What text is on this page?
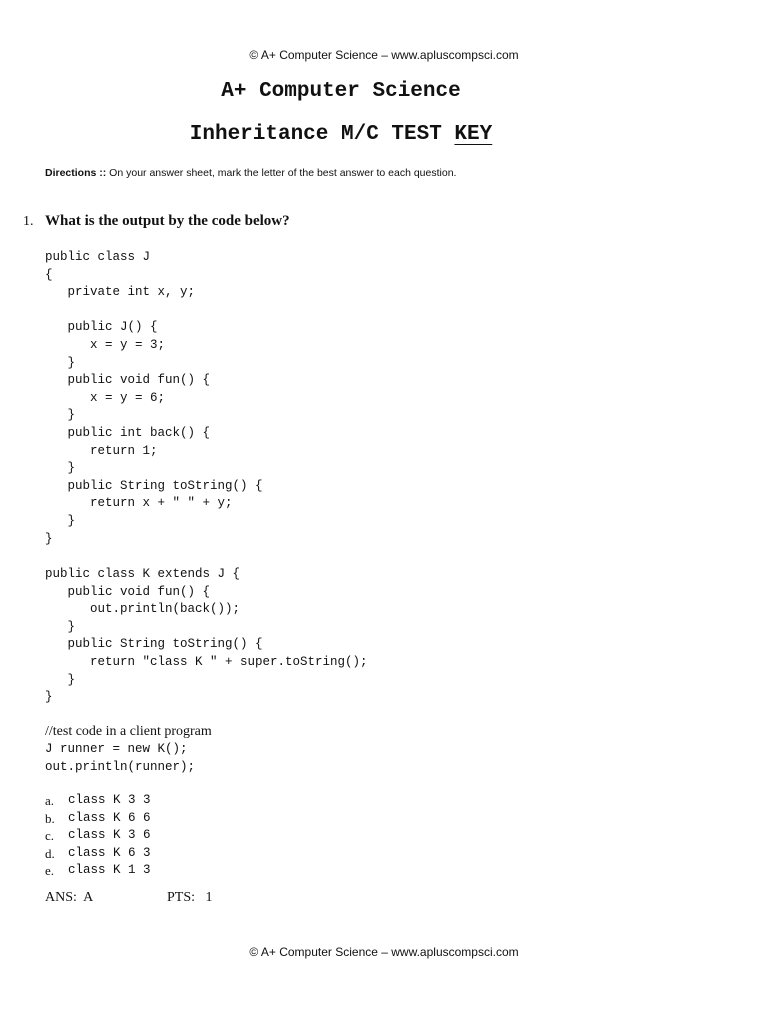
© A+ Computer Science – www.apluscompsci.com
A+ Computer Science
Inheritance M/C TEST KEY
Directions :: On your answer sheet, mark the letter of the best answer to each question.
1. What is the output by the code below?
public class J
{
private int x, y;

public J() {
x = y = 3;
}
public void fun() {
x = y = 6;
}
public int back() {
return 1;
}
public String toString() {
return x + " " + y;
}
}
public class K extends J {
public void fun() {
out.println(back());
}
public String toString() {
return "class K " + super.toString();
}
}
//test code in a client program
J runner = new K();
out.println(runner);
a. class K 3 3
b. class K 6 6
c. class K 3 6
d. class K 6 3
e. class K 1 3
ANS:  A	PTS:   1
© A+ Computer Science – www.apluscompsci.com
